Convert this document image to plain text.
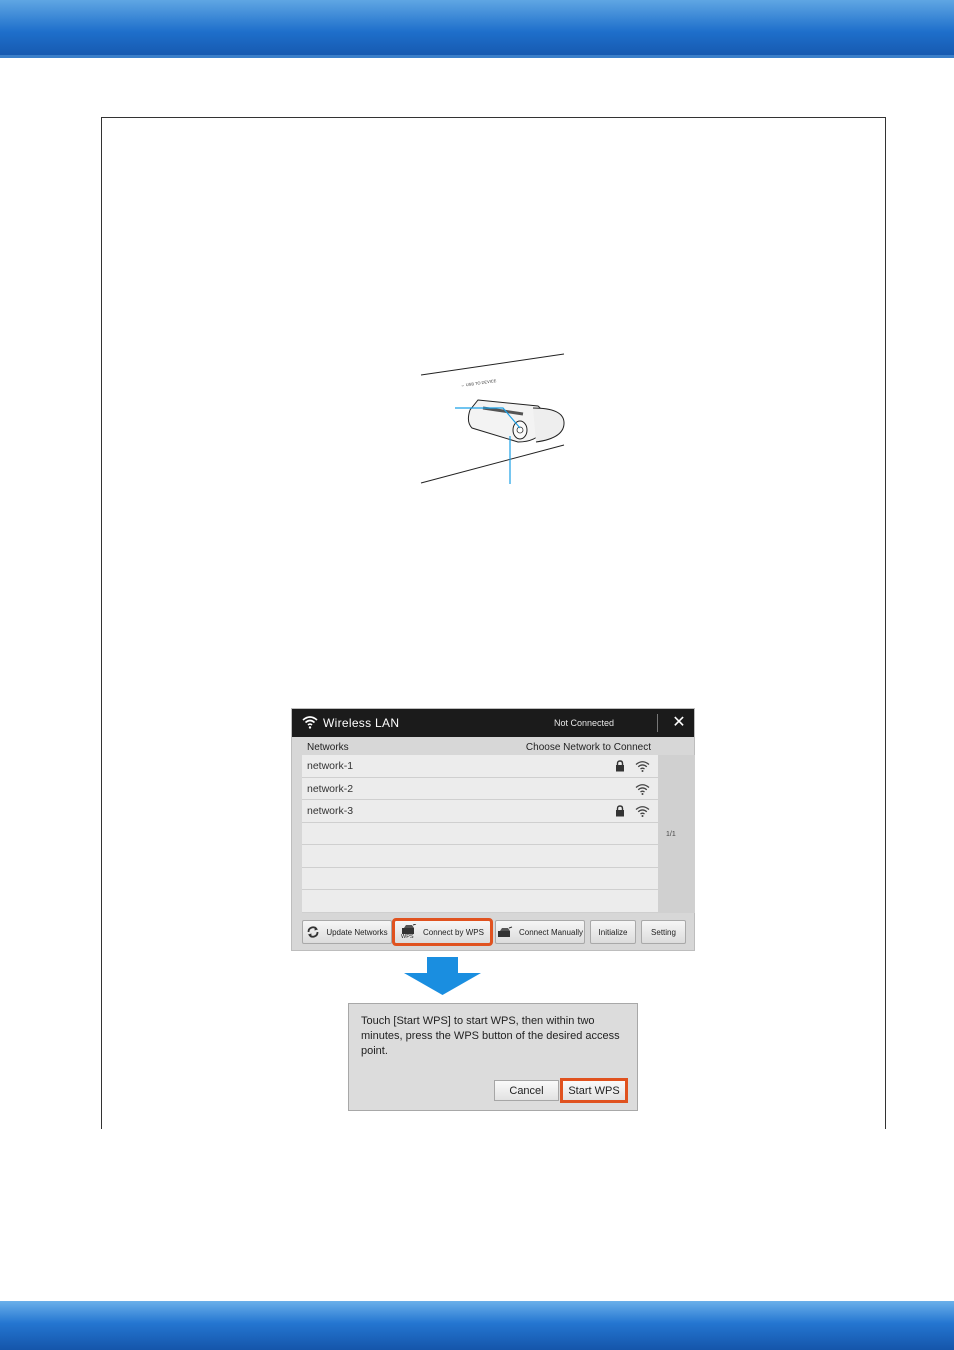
⇔ USB TO DEVICE
Wireless LAN	Not Connected	✕
Networks	Choose Network to Connect
network-1
network-2
network-3
1/1
Update Networks
WPS
Connect by WPS	Connect Manually Initialize	Setting
Touch [Start WPS] to start WPS, then within two minutes, press the WPS button of the desired access point.
Cancel Start WPS
